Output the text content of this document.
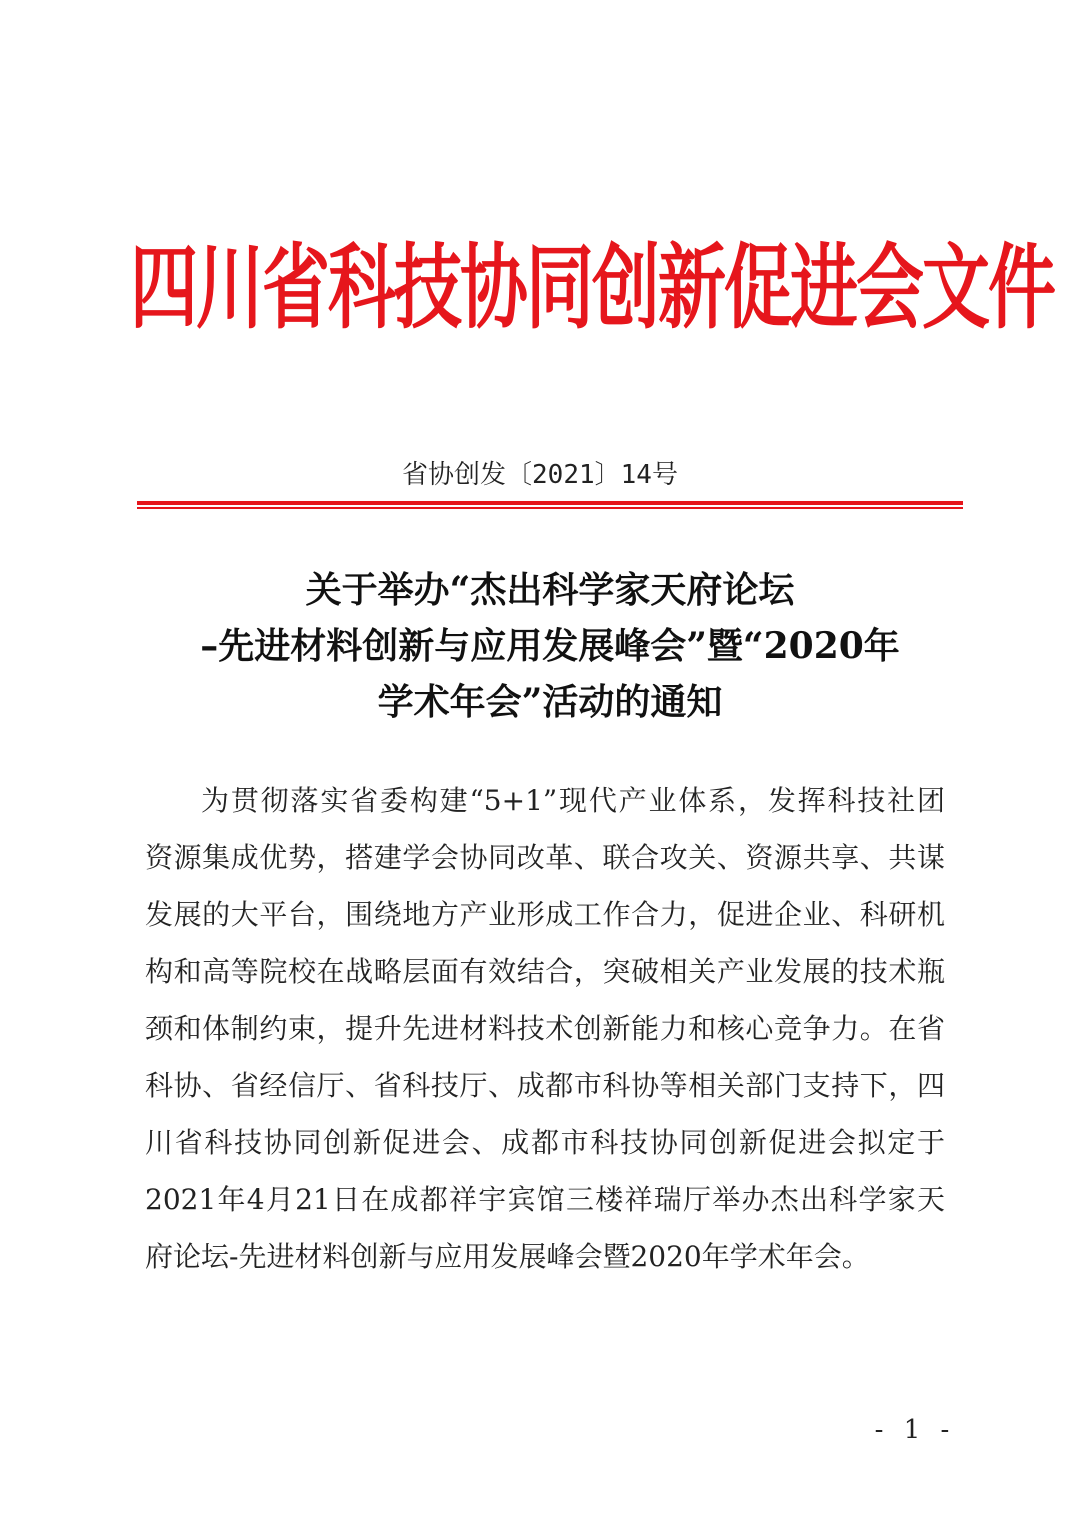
四川省科技协同创新促进会文件
省协创发〔2021〕14号
关于举办“杰出科学家天府论坛
–先进材料创新与应用发展峰会”暨“2020年
学术年会”活动的通知
为贯彻落实省委构建“5+1”现代产业体系，发挥科技社团
资源集成优势，搭建学会协同改革、联合攻关、资源共享、共谋
发展的大平台，围绕地方产业形成工作合力，促进企业、科研机
构和高等院校在战略层面有效结合，突破相关产业发展的技术瓶
颈和体制约束，提升先进材料技术创新能力和核心竞争力。在省
科协、省经信厅、省科技厅、成都市科协等相关部门支持下，四
川省科技协同创新促进会、成都市科技协同创新促进会拟定于
2021年4月21日在成都祥宇宾馆三楼祥瑞厅举办杰出科学家天
府论坛-先进材料创新与应用发展峰会暨2020年学术年会。
- 1 -
